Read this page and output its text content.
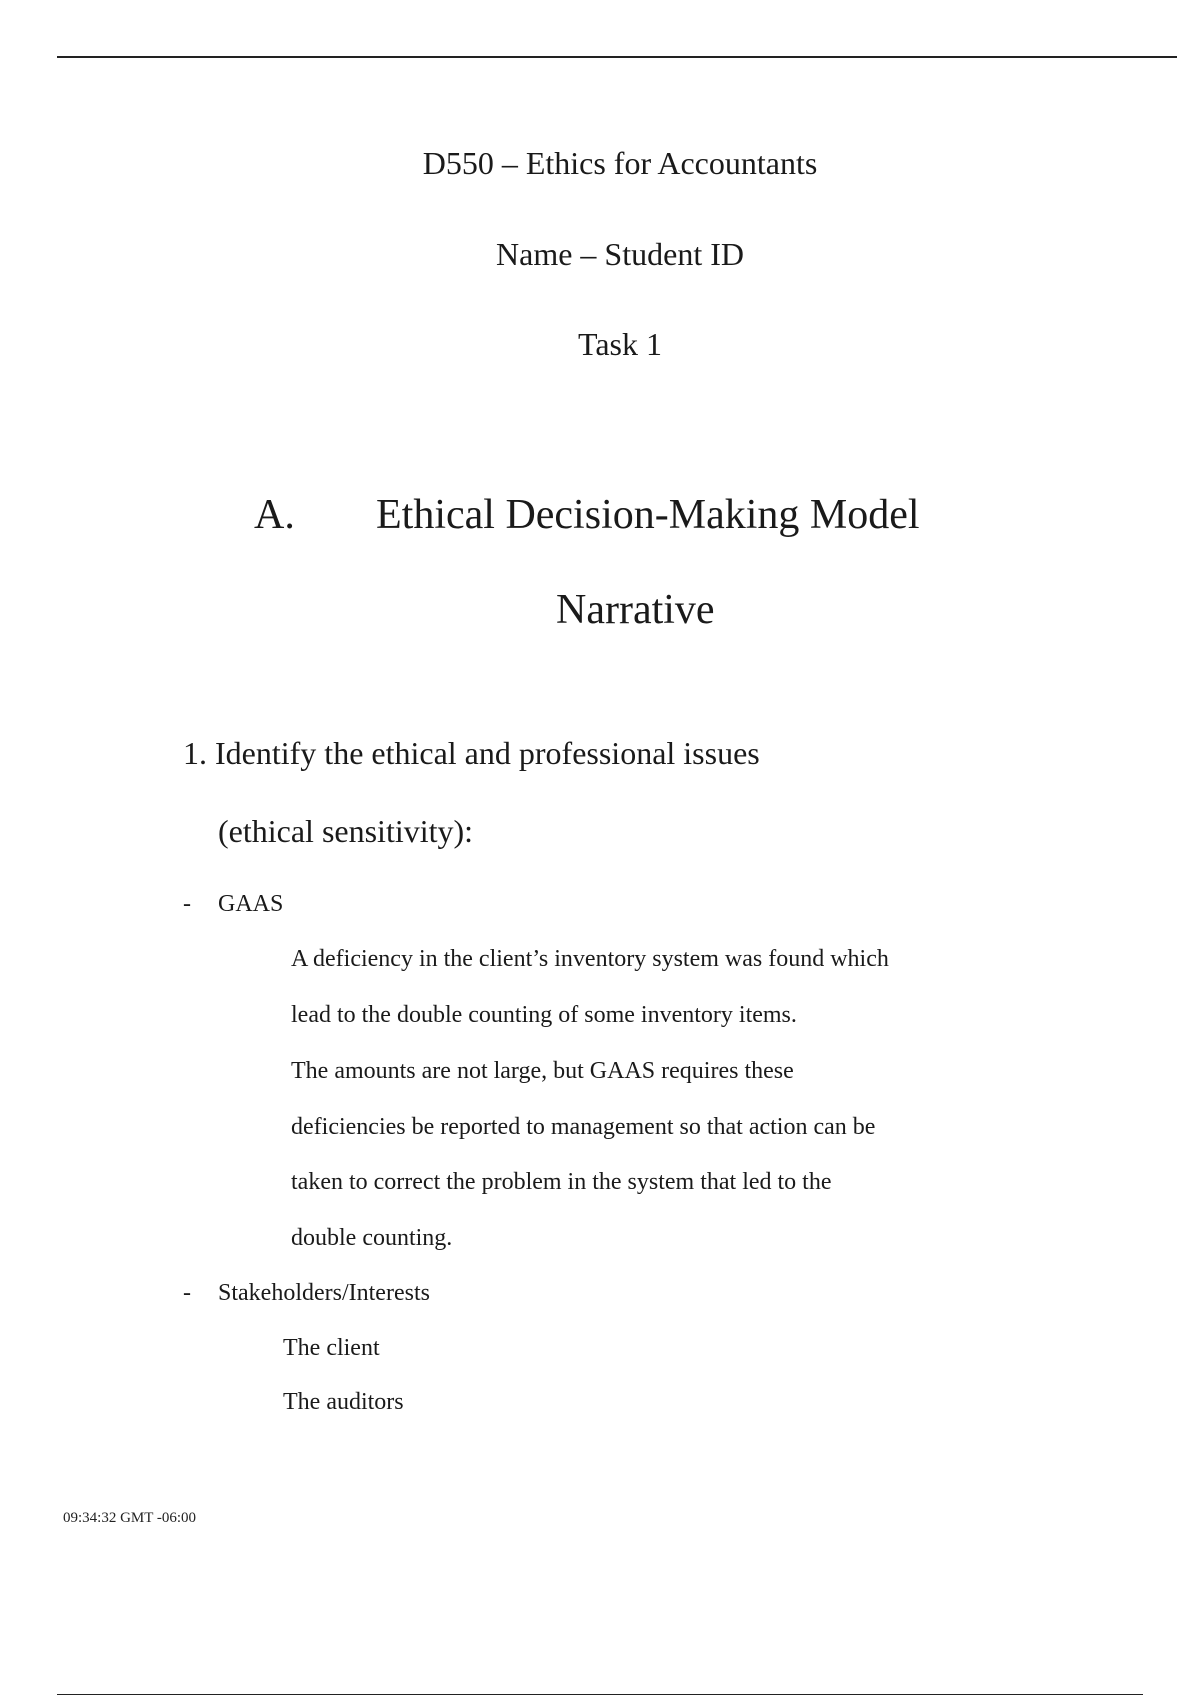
D550 – Ethics for Accountants
Name – Student ID
Task 1
A. Ethical Decision-Making Model
Narrative
1. Identify the ethical and professional issues
(ethical sensitivity):
- GAAS
A deficiency in the client’s inventory system was found which
lead to the double counting of some inventory items.
The amounts are not large, but GAAS requires these
deficiencies be reported to management so that action can be
taken to correct the problem in the system that led to the
double counting.
- Stakeholders/Interests
The client
The auditors
09:34:32 GMT -06:00
